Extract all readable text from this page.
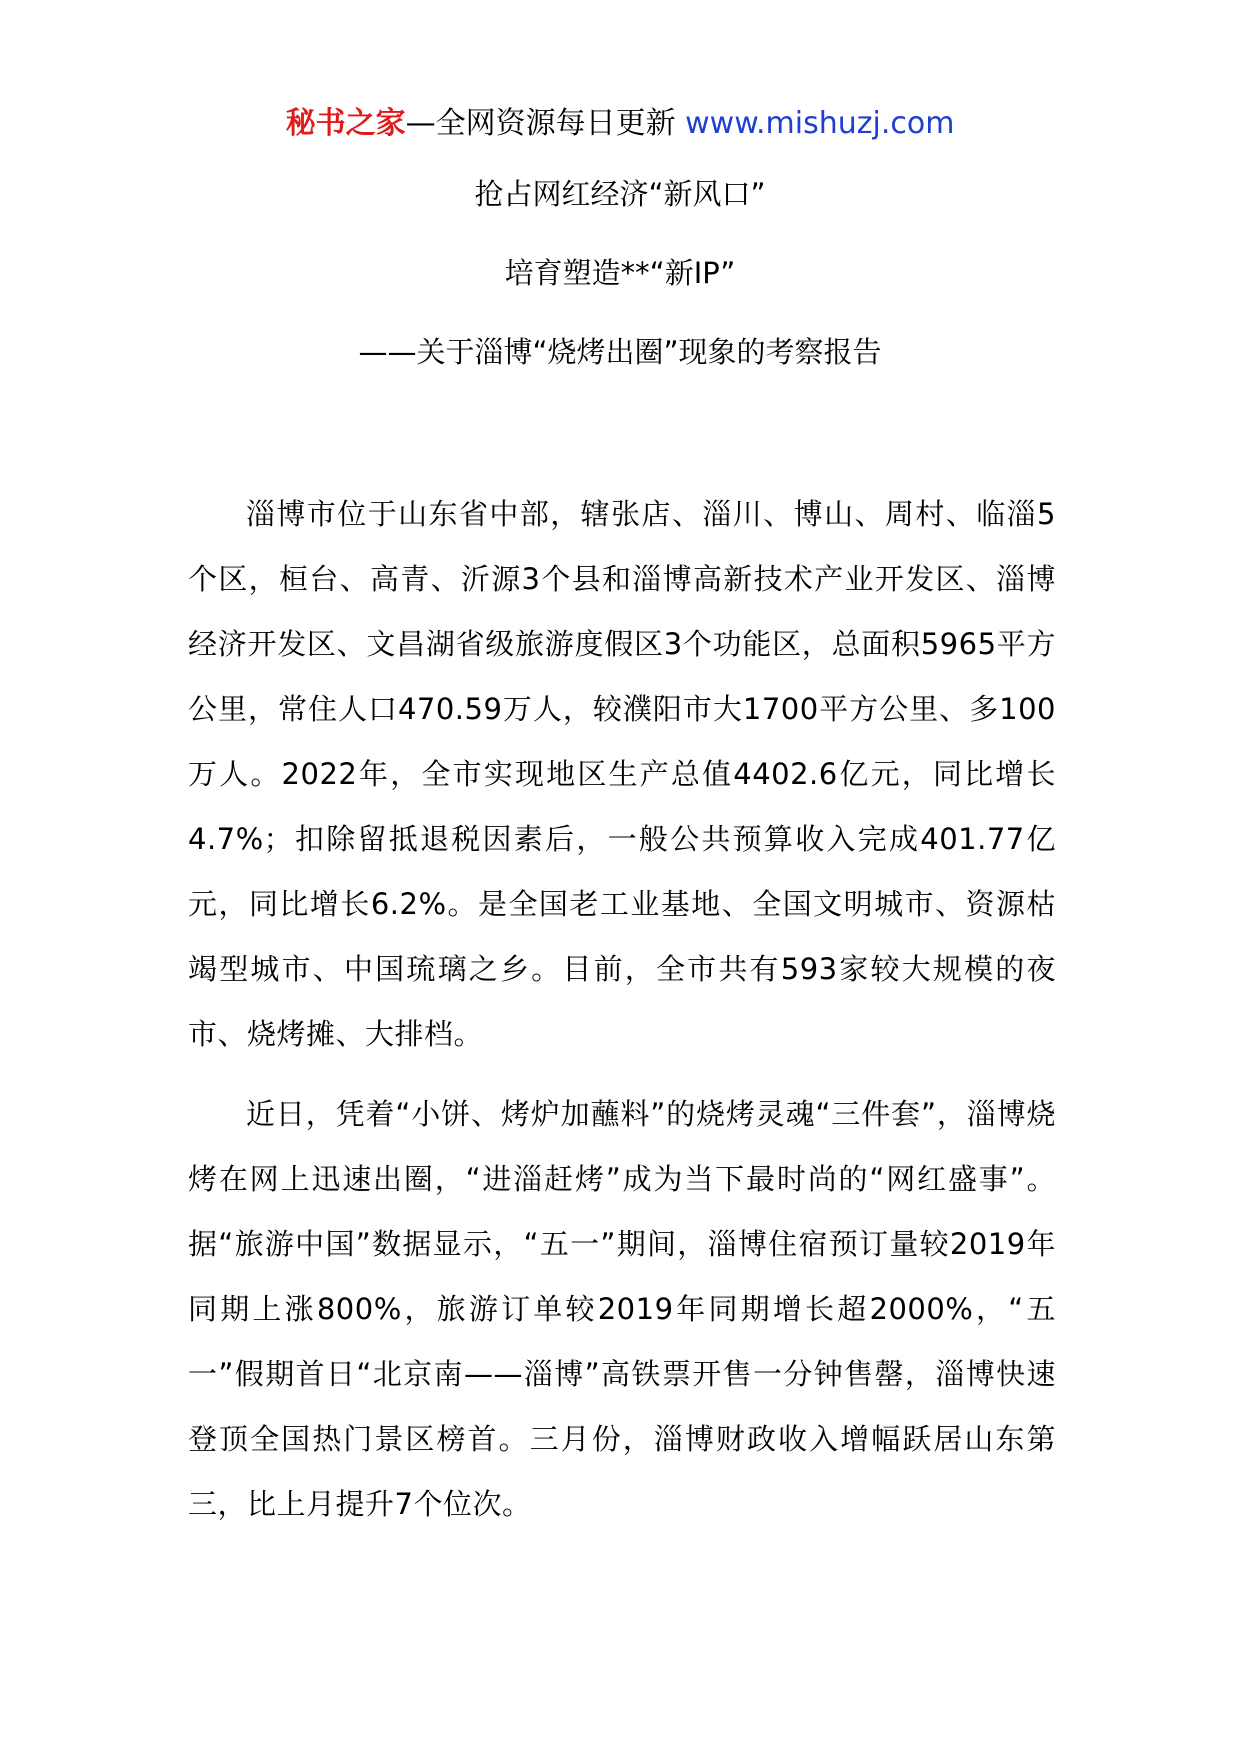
秘书之家—全网资源每日更新 www.mishuzj.com
抢占网红经济“新风口”
培育塑造**“新IP”
——关于淄博“烧烤出圈”现象的考察报告

淄博市位于山东省中部，辖张店、淄川、博山、周村、临淄5个区，桓台、高青、沂源3个县和淄博高新技术产业开发区、淄博经济开发区、文昌湖省级旅游度假区3个功能区，总面积5965平方公里，常住人口470.59万人，较濮阳市大1700平方公里、多100万人。2022年，全市实现地区生产总值4402.6亿元，同比增长4.7%；扣除留抵退税因素后，一般公共预算收入完成401.77亿元，同比增长6.2%。是全国老工业基地、全国文明城市、资源枯竭型城市、中国琉璃之乡。目前，全市共有593家较大规模的夜市、烧烤摊、大排档。

近日，凭着“小饼、烤炉加蘸料”的烧烤灵魂“三件套”，淄博烧烤在网上迅速出圈，“进淄赶烤”成为当下最时尚的“网红盛事”。据“旅游中国”数据显示，“五一”期间，淄博住宿预订量较2019年同期上涨800%，旅游订单较2019年同期增长超2000%，“五一”假期首日“北京南——淄博”高铁票开售一分钟售罄，淄博快速登顶全国热门景区榜首。三月份，淄博财政收入增幅跃居山东第三，比上月提升7个位次。
